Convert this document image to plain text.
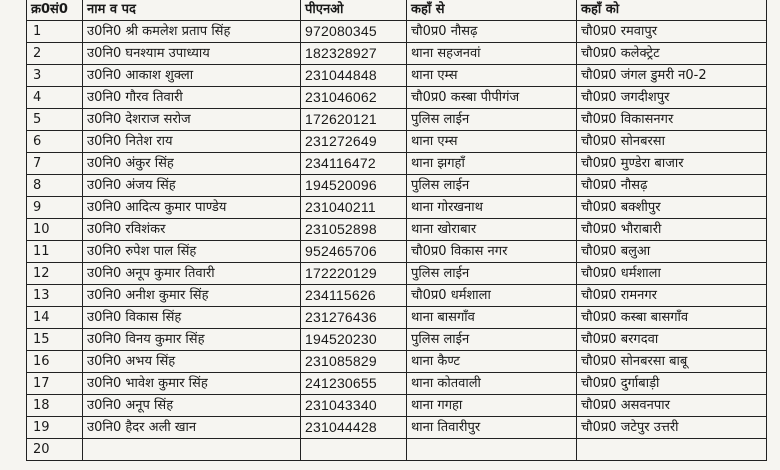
क्र0सं0	नाम व पद	पीएनओ	कहाँ से	कहाँ को
1	उ0नि0 श्री कमलेश प्रताप सिंह	972080345	चौ0प्र0 नौसढ़	चौ0प्र0 रमवापुर
2	उ0नि0 घनश्याम उपाध्याय	182328927	थाना सहजनवां	चौ0प्र0 कलेक्ट्रेट
3	उ0नि0 आकाश शुक्ला	231044848	थाना एम्स	चौ0प्र0 जंगल डुमरी न0-2
4	उ0नि0 गौरव तिवारी	231046062	चौ0प्र0 कस्बा पीपीगंज	चौ0प्र0 जगदीशपुर
5	उ0नि0 देशराज सरोज	172620121	पुलिस लाईन	चौ0प्र0 विकासनगर
6	उ0नि0 नितेश राय	231272649	थाना एम्स	चौ0प्र0 सोनबरसा
7	उ0नि0 अंकुर सिंह	234116472	थाना झगहाँ	चौ0प्र0 मुण्डेरा बाजार
8	उ0नि0 अंजय सिंह	194520096	पुलिस लाईन	चौ0प्र0 नौसढ़
9	उ0नि0 आदित्य कुमार पाण्डेय	231040211	थाना गोरखनाथ	चौ0प्र0 बक्शीपुर
10	उ0नि0 रविशंकर	231052898	थाना खोराबार	चौ0प्र0 भौराबारी
11	उ0नि0 रुपेश पाल सिंह	952465706	चौ0प्र0 विकास नगर	चौ0प्र0 बलुआ
12	उ0नि0 अनूप कुमार तिवारी	172220129	पुलिस लाईन	चौ0प्र0 धर्मशाला
13	उ0नि0 अनीश कुमार सिंह	234115626	चौ0प्र0 धर्मशाला	चौ0प्र0 रामनगर
14	उ0नि0 विकास सिंह	231276436	थाना बासगाँव	चौ0प्र0 कस्बा बासगाँव
15	उ0नि0 विनय कुमार सिंह	194520230	पुलिस लाईन	चौ0प्र0 बरगदवा
16	उ0नि0 अभय सिंह	231085829	थाना कैण्ट	चौ0प्र0 सोनबरसा बाबू
17	उ0नि0 भावेश कुमार सिंह	241230655	थाना कोतवाली	चौ0प्र0 दुर्गाबाड़ी
18	उ0नि0 अनूप सिंह	231043340	थाना गगहा	चौ0प्र0 असवनपार
19	उ0नि0 हैदर अली खान	231044428	थाना तिवारीपुर	चौ0प्र0 जटेपुर उत्तरी
20				
